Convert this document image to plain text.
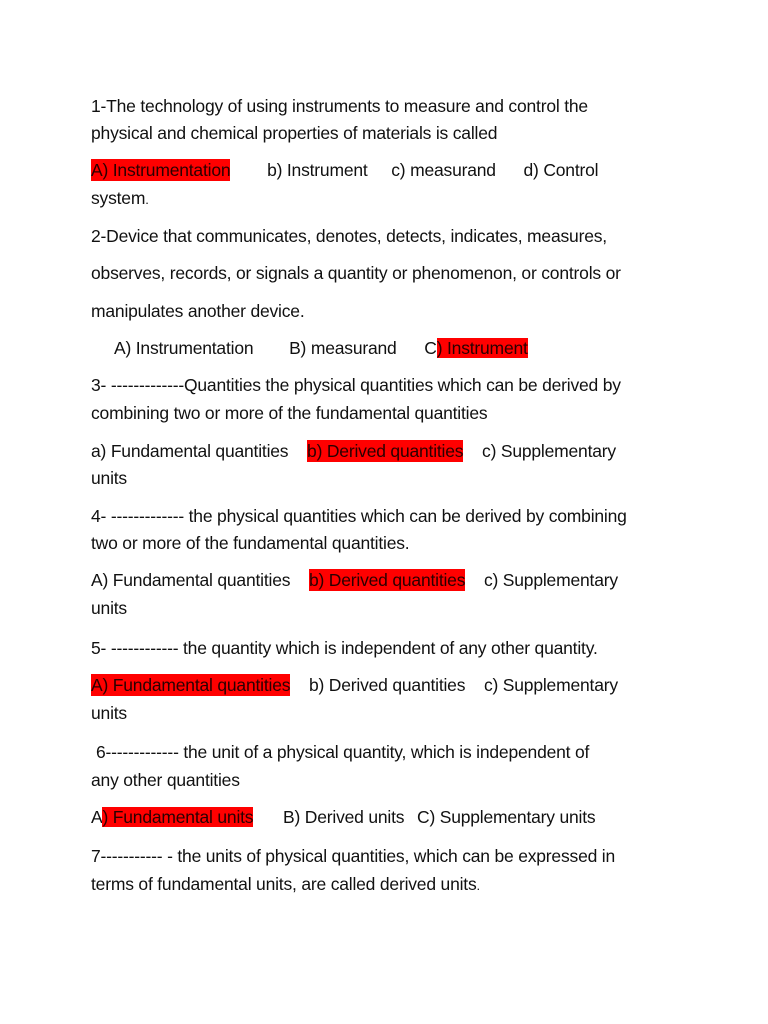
1-The technology of using instruments to measure and control the
physical and chemical properties of materials is called
A) Instrumentation b) Instrument c) measurand d) Control
system.
2-Device that communicates, denotes, detects, indicates, measures,
observes, records, or signals a quantity or phenomenon, or controls or
manipulates another device.
A) Instrumentation B) measurand C) Instrument
3- -------------Quantities the physical quantities which can be derived by
combining two or more of the fundamental quantities
a) Fundamental quantities b) Derived quantities c) Supplementary
units
4- ------------- the physical quantities which can be derived by combining
two or more of the fundamental quantities.
A) Fundamental quantities b) Derived quantities c) Supplementary
units
5- ------------ the quantity which is independent of any other quantity.
A) Fundamental quantities b) Derived quantities c) Supplementary
units
6------------- the unit of a physical quantity, which is independent of
any other quantities
A) Fundamental units B) Derived units C) Supplementary units
7----------- - the units of physical quantities, which can be expressed in
terms of fundamental units, are called derived units.
